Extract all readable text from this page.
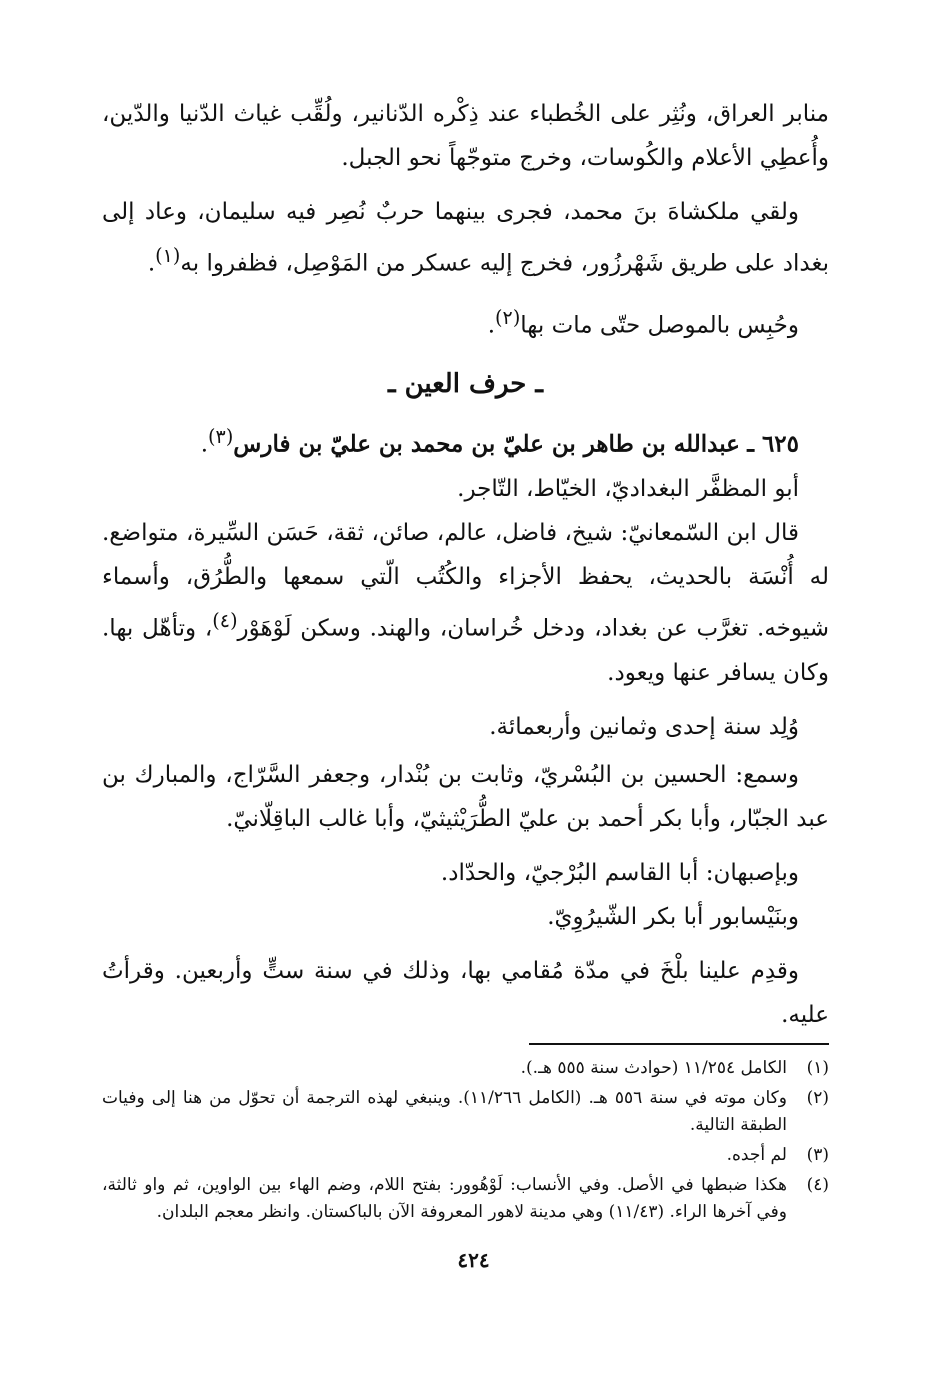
منابر العراق، ونُثِر على الخُطباء عند ذِكْره الدّنانير، ولُقِّب غياث الدّنيا والدّين، وأُعطِي الأعلام والكُوسات، وخرج متوجّهاً نحو الجبل.

ولقي ملكشاهَ بنَ محمد، فجرى بينهما حربٌ نُصِر فيه سليمان، وعاد إلى بغداد على طريق شَهْرزُور، فخرج إليه عسكر من المَوْصِل، فظفروا به$^{(١)}$.

وحُبِس بالموصل حتّى مات بها$^{(٢)}$.

ـ حرف العين ـ

٦٢٥ ـ عبدالله بن طاهر بن عليّ بن محمد بن عليّ بن فارس$^{(٣)}$.

أبو المظفَّر البغداديّ، الخيّاط، التّاجر.

قال ابن السّمعانيّ: شيخ، فاضل، عالم، صائن، ثقة، حَسَن السِّيرة، متواضع. له أُنْسَة بالحديث، يحفظ الأجزاء والكُتُب الّتي سمعها والطُّرُق، وأسماء شيوخه. تغرَّب عن بغداد، ودخل خُراسان، والهند. وسكن لَوْهَوْر$^{(٤)}$، وتأهّل بها. وكان يسافر عنها ويعود.

وُلِد سنة إحدى وثمانين وأربعمائة.

وسمع: الحسين بن البُسْريّ، وثابت بن بُنْدار، وجعفر السَّرّاج، والمبارك بن عبد الجبّار، وأبا بكر أحمد بن عليّ الطُّرَيْثيثيّ، وأبا غالب الباقِلّانيّ.

وبإصبهان: أبا القاسم البُرْجيّ، والحدّاد.

وبنَيْسابور أبا بكر الشّيرُوِيّ.

وقدِم علينا بلْخَ في مدّة مُقامي بها، وذلك في سنة ستٍّ وأربعين. وقرأتُ عليه.

(١)
الكامل ١١/٢٥٤ (حوادث سنة ٥٥٥ هـ.).
(٢)
وكان موته في سنة ٥٥٦ هـ. (الكامل ١١/٢٦٦). وينبغي لهذه الترجمة أن تحوّل من هنا إلى وفيات الطبقة التالية.
(٣)
لم أجده.
(٤)
هكذا ضبطها في الأصل. وفي الأنساب: لَوْهُوور: بفتح اللام، وضم الهاء بين الواوين، ثم واو ثالثة، وفي آخرها الراء. (١١/٤٣) وهي مدينة لاهور المعروفة الآن بالباكستان. وانظر معجم البلدان.
٤٢٤
